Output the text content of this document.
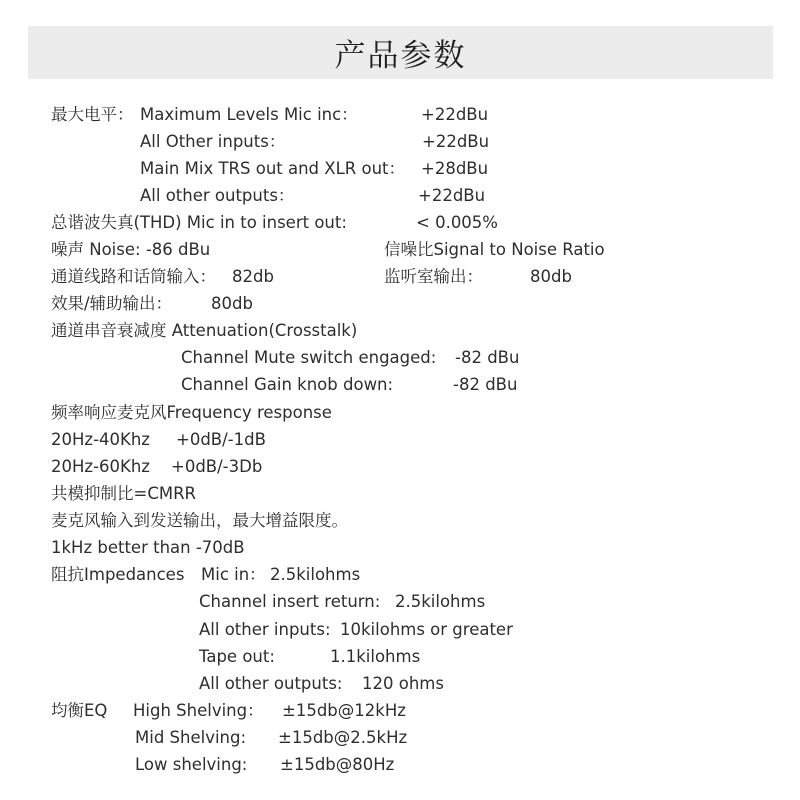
产品参数
最大电平： Maximum Levels Mic inc：	+22dBu
All Other inputs：	+22dBu
Main Mix TRS out and XLR out： +28dBu
All other outputs：	+22dBu
总谐波失真(THD) Mic in to insert out:	< 0.005%
噪声 Noise: -86 dBu	信噪比Signal to Noise Ratio
通道线路和话筒输入： 82db	监听室输出：	80db
效果/辅助输出： 80db
通道串音衰减度 Attenuation(Crosstalk)
Channel Mute switch engaged: -82 dBu
Channel Gain knob down:	-82 dBu
频率响应麦克风Frequency response
20Hz-40Khz +0dB/-1dB
20Hz-60Khz +0dB/-3Db
共模抑制比=CMRR
麦克风输入到发送输出，最大增益限度。
1kHz better than -70dB
阻抗Impedances Mic in： 2.5kilohms
Channel insert return: 2.5kilohms
All other inputs: 10kilohms or greater
Tape out:	1.1kilohms
All other outputs: 120 ohms
均衡EQ High Shelving： ±15db@12kHz
Mid Shelving: ±15db@2.5kHz
Low shelving: ±15db@80Hz
